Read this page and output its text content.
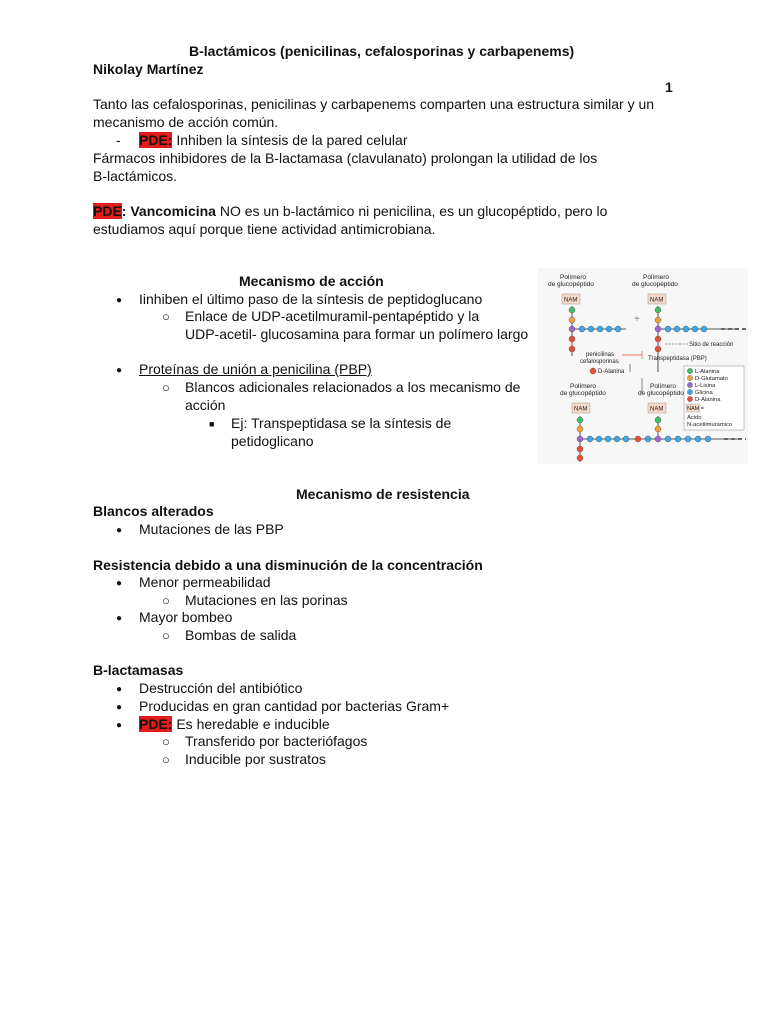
B-lactámicos (penicilinas, cefalosporinas y carbapenems)
Nikolay Martínez
1
Tanto las cefalosporinas, penicilinas y carbapenems comparten una estructura similar y un
mecanismo de acción común.
-
PDE: Inhiben la síntesis de la pared celular
Fármacos inhibidores de la B-lactamasa (clavulanato) prolongan la utilidad de los
B-lactámicos.
PDE: Vancomicina NO es un b-lactámico ni penicilina, es un glucopéptido, pero lo
estudiamos aquí porque tiene actividad antimicrobiana.
Mecanismo de acción
●
Iinhiben el último paso de la síntesis de peptidoglucano
○
Enlace de UDP-acetilmuramil-pentapéptido y la
UDP-acetil- glucosamina para formar un polímero largo
●
Proteínas de unión a penicilina (PBP)
○
Blancos adicionales relacionados a los mecanismo de
acción
■
Ej: Transpeptidasa se la síntesis de
petidoglicano
Polímero
de glucopéptido
Polímero
de glucopéptido
Polímero
de glucopéptido
Polímero
de glucopéptido
NAM	NAM
NAM	NAM
+
Sitio de reacción
penicilinas
cefalosporinas	Transpeptidasa (PBP)
D-Alanina	L-Alanina
D-Glutamato
L-Lisina
Glicina
D-Alanina
NAM =
Ácido
N-acetilmurámico
Mecanismo de resistencia
Blancos alterados
●
Mutaciones de las PBP
Resistencia debido a una disminución de la concentración
●
Menor permeabilidad
○
Mutaciones en las porinas
●
Mayor bombeo
○
Bombas de salida
B-lactamasas
●
Destrucción del antibiótico
●
Producidas en gran cantidad por bacterias Gram+
●
PDE: Es heredable e inducible
○
Transferido por bacteriófagos
○
Inducible por sustratos
